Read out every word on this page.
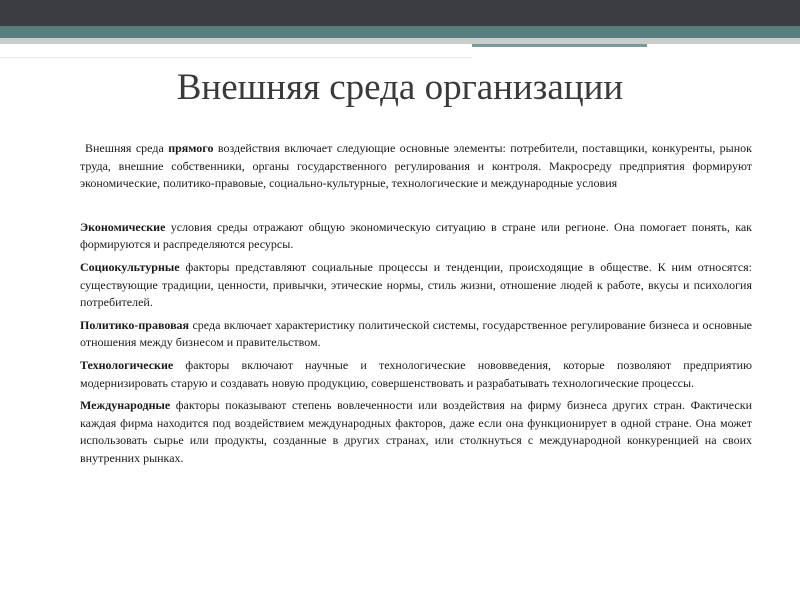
Внешняя среда организации

Внешняя среда прямого воздействия включает следующие основные элементы: потребители, поставщики, конкуренты, рынок труда, внешние собственники, органы государственного регулирования и контроля. Макросреду предприятия формируют экономические, политико-правовые, социально-культурные, технологические и международные условия

Экономические условия среды отражают общую экономическую ситуацию в стране или регионе. Она помогает понять, как формируются и распределяются ресурсы.

Социокультурные факторы представляют социальные процессы и тенденции, происходящие в обществе. К ним относятся: существующие традиции, ценности, привычки, этические нормы, стиль жизни, отношение людей к работе, вкусы и психология потребителей.

Политико-правовая среда включает характеристику политической системы, государственное регулирование бизнеса и основные отношения между бизнесом и правительством.

Технологические факторы включают научные и технологические нововведения, которые позволяют предприятию модернизировать старую и создавать новую продукцию, совершенствовать и разрабатывать технологические процессы.

Международные факторы показывают степень вовлеченности или воздействия на фирму бизнеса других стран. Фактически каждая фирма находится под воздействием международных факторов, даже если она функционирует в одной стране. Она может использовать сырье или продукты, созданные в других странах, или столкнуться с международной конкуренцией на своих внутренних рынках.
